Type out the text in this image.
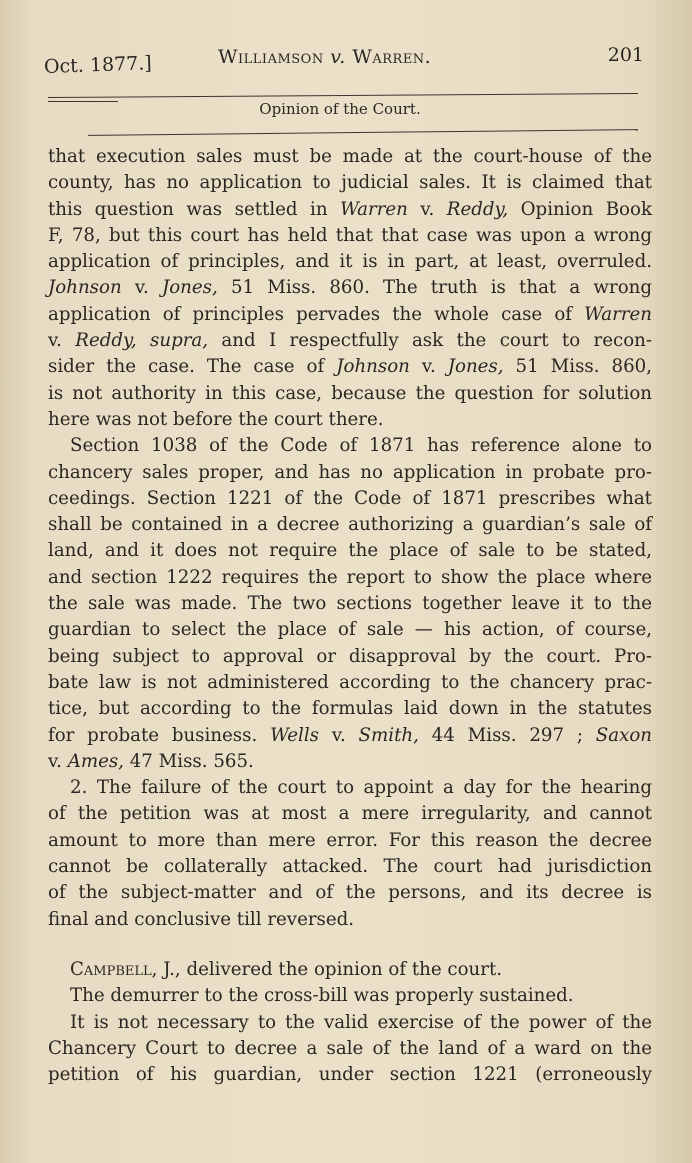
Oct. 1877.]	Williamson v. Warren.	201
Opinion of the Court.

that execution sales must be made at the court-house of the

county, has no application to judicial sales. It is claimed that

this question was settled in Warren v. Reddy, Opinion Book

F, 78, but this court has held that that case was upon a wrong

application of principles, and it is in part, at least, overruled.

Johnson v. Jones, 51 Miss. 860. The truth is that a wrong

application of principles pervades the whole case of Warren

v. Reddy, supra, and I respectfully ask the court to recon-

sider the case. The case of Johnson v. Jones, 51 Miss. 860,

is not authority in this case, because the question for solution

here was not before the court there.

Section 1038 of the Code of 1871 has reference alone to

chancery sales proper, and has no application in probate pro-

ceedings. Section 1221 of the Code of 1871 prescribes what

shall be contained in a decree authorizing a guardian’s sale of

land, and it does not require the place of sale to be stated,

and section 1222 requires the report to show the place where

the sale was made. The two sections together leave it to the

guardian to select the place of sale — his action, of course,

being subject to approval or disapproval by the court. Pro-

bate law is not administered according to the chancery prac-

tice, but according to the formulas laid down in the statutes

for probate business. Wells v. Smith, 44 Miss. 297 ; Saxon

v. Ames, 47 Miss. 565.

2. The failure of the court to appoint a day for the hearing

of the petition was at most a mere irregularity, and cannot

amount to more than mere error. For this reason the decree

cannot be collaterally attacked. The court had jurisdiction

of the subject-matter and of the persons, and its decree is

final and conclusive till reversed.

Campbell, J., delivered the opinion of the court.

The demurrer to the cross-bill was properly sustained.

It is not necessary to the valid exercise of the power of the

Chancery Court to decree a sale of the land of a ward on the

petition of his guardian, under section 1221 (erroneously
